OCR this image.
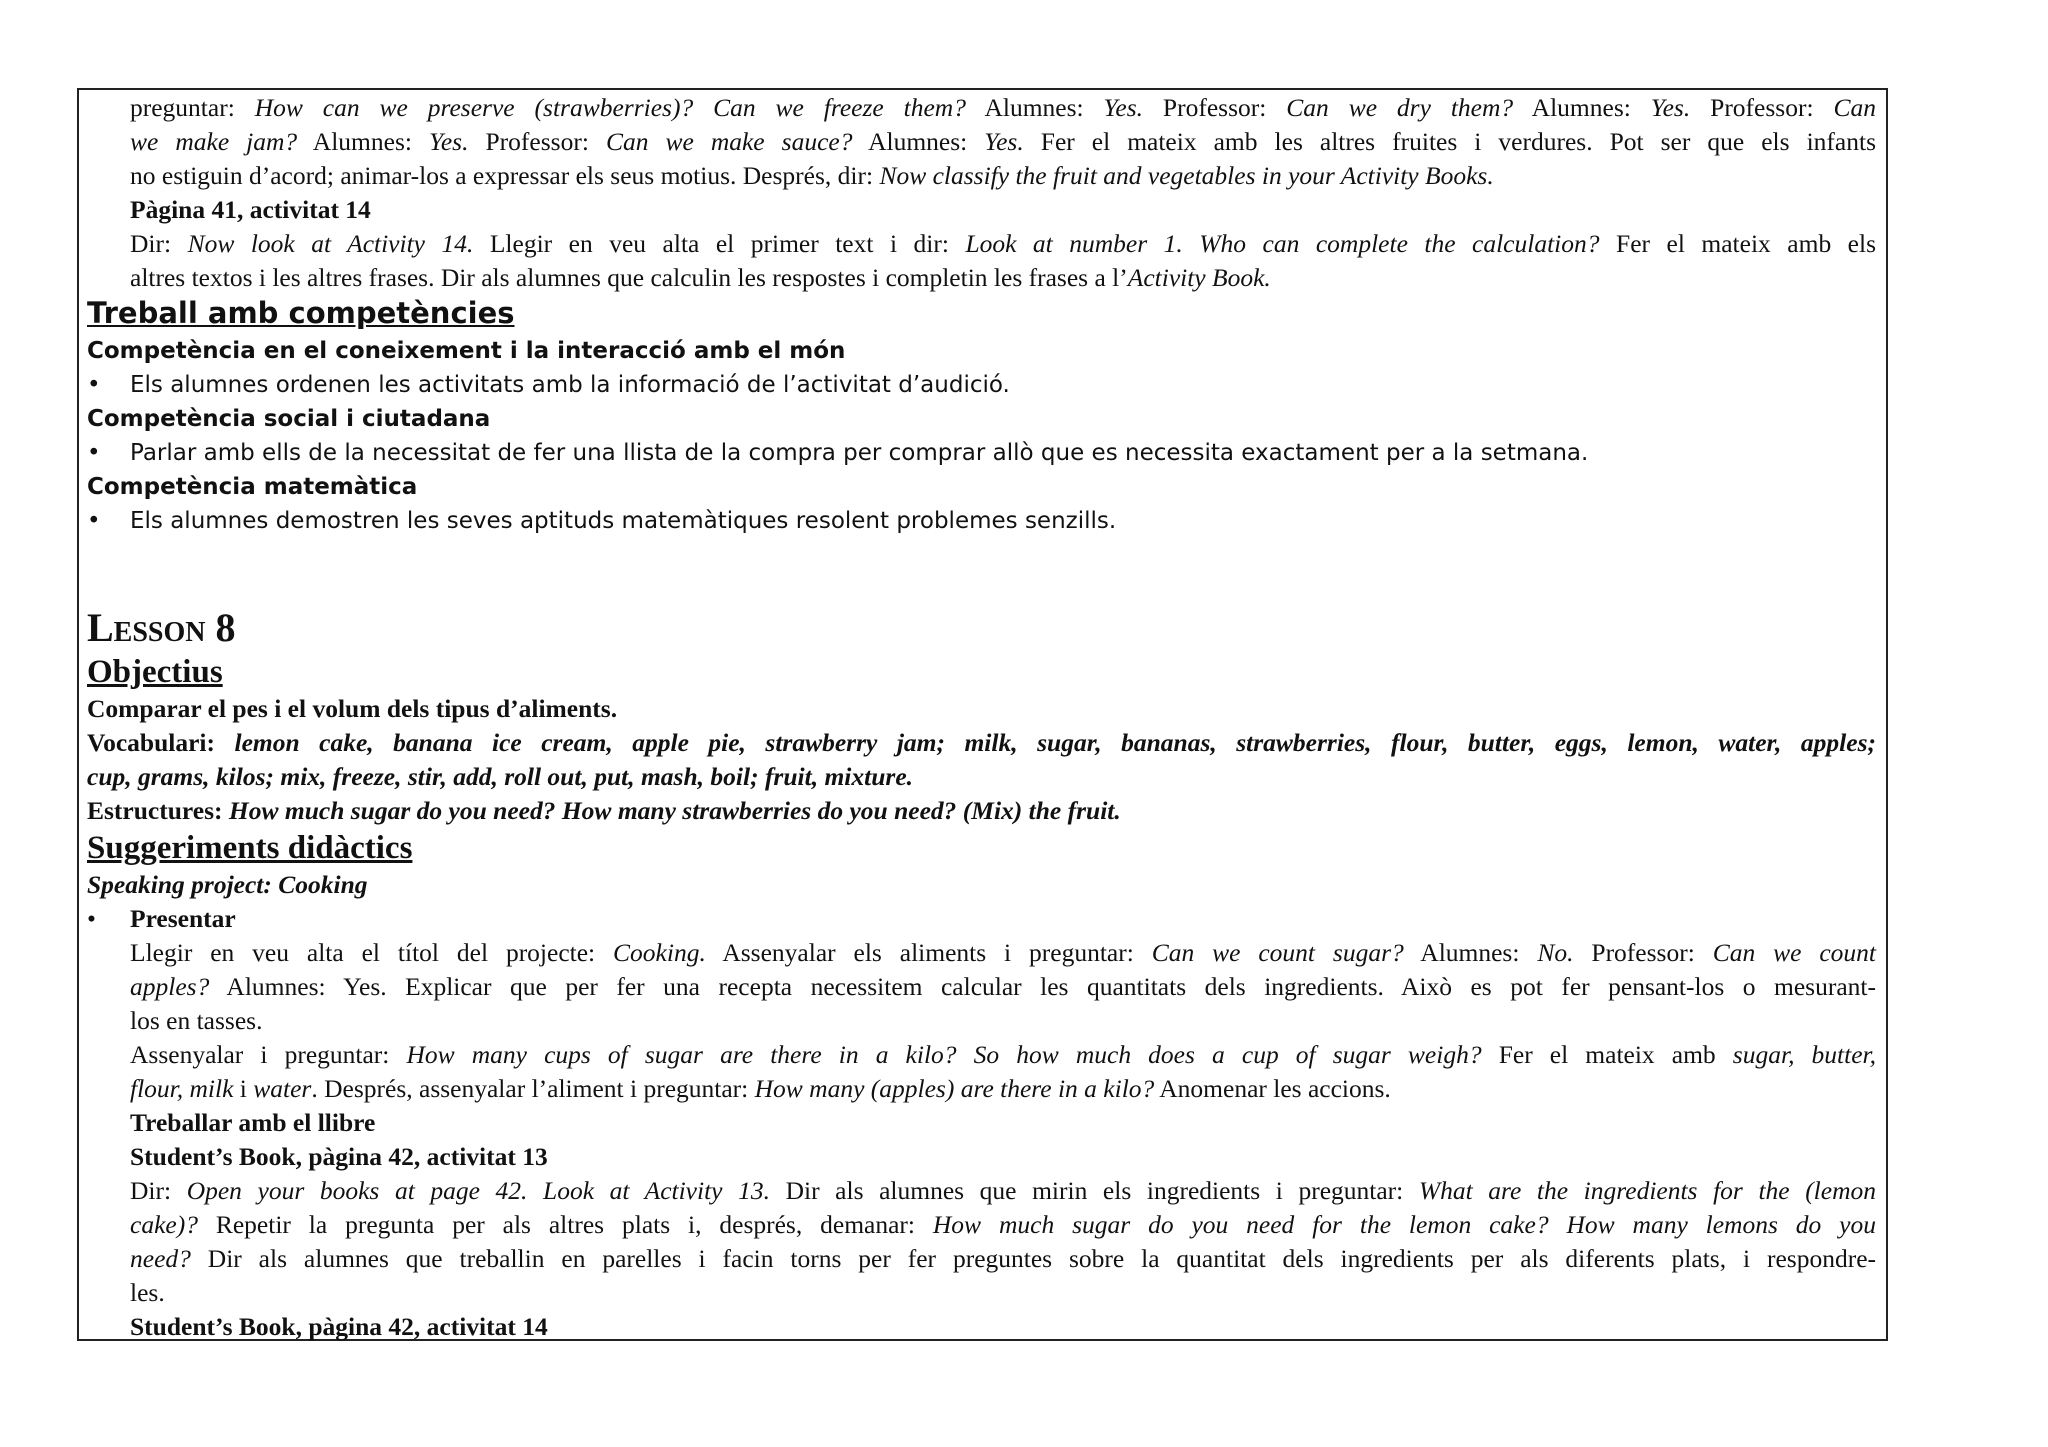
preguntar: How can we preserve (strawberries)? Can we freeze them? Alumnes: Yes. Professor: Can we dry them? Alumnes: Yes. Professor: Can
we make jam? Alumnes: Yes. Professor: Can we make sauce? Alumnes: Yes. Fer el mateix amb les altres fruites i verdures. Pot ser que els infants
no estiguin d’acord; animar-los a expressar els seus motius. Després, dir: Now classify the fruit and vegetables in your Activity Books.
Pàgina 41, activitat 14
Dir: Now look at Activity 14. Llegir en veu alta el primer text i dir: Look at number 1. Who can complete the calculation? Fer el mateix amb els
altres textos i les altres frases. Dir als alumnes que calculin les respostes i completin les frases a l’Activity Book.
Treball amb competències
Competència en el coneixement i la interacció amb el món
•	Els alumnes ordenen les activitats amb la informació de l’activitat d’audició.
Competència social i ciutadana
•	Parlar amb ells de la necessitat de fer una llista de la compra per comprar allò que es necessita exactament per a la setmana.
Competència matemàtica
•	Els alumnes demostren les seves aptituds matemàtiques resolent problemes senzills.
Lesson 8
Objectius
Comparar el pes i el volum dels tipus d’aliments.
Vocabulari: lemon cake, banana ice cream, apple pie, strawberry jam; milk, sugar, bananas, strawberries, flour, butter, eggs, lemon, water, apples;
cup, grams, kilos; mix, freeze, stir, add, roll out, put, mash, boil; fruit, mixture.
Estructures: How much sugar do you need? How many strawberries do you need? (Mix) the fruit.
Suggeriments didàctics
Speaking project: Cooking
•	Presentar
Llegir en veu alta el títol del projecte: Cooking. Assenyalar els aliments i preguntar: Can we count sugar? Alumnes: No. Professor: Can we count
apples? Alumnes: Yes. Explicar que per fer una recepta necessitem calcular les quantitats dels ingredients. Això es pot fer pensant-los o mesurant-
los en tasses.
Assenyalar i preguntar: How many cups of sugar are there in a kilo? So how much does a cup of sugar weigh? Fer el mateix amb sugar, butter,
flour, milk i water. Després, assenyalar l’aliment i preguntar: How many (apples) are there in a kilo? Anomenar les accions.
Treballar amb el llibre
Student’s Book, pàgina 42, activitat 13
Dir: Open your books at page 42. Look at Activity 13. Dir als alumnes que mirin els ingredients i preguntar: What are the ingredients for the (lemon
cake)? Repetir la pregunta per als altres plats i, després, demanar: How much sugar do you need for the lemon cake? How many lemons do you
need? Dir als alumnes que treballin en parelles i facin torns per fer preguntes sobre la quantitat dels ingredients per als diferents plats, i respondre-
les.
Student’s Book, pàgina 42, activitat 14
